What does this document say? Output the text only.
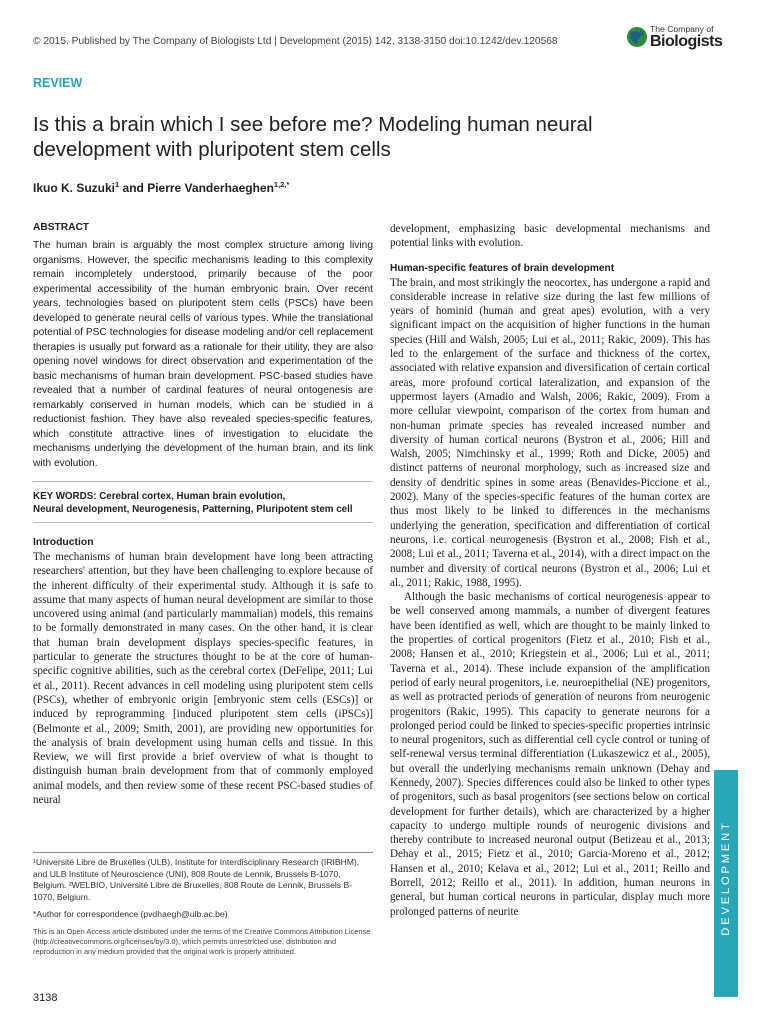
© 2015. Published by The Company of Biologists Ltd | Development (2015) 142, 3138-3150 doi:10.1242/dev.120568
The Company of
Biologists
REVIEW
Is this a brain which I see before me? Modeling human neural development with pluripotent stem cells
Ikuo K. Suzuki$^1$ and Pierre Vanderhaeghen$^{1,2,*}$
ABSTRACT

The human brain is arguably the most complex structure among living organisms. However, the specific mechanisms leading to this complexity remain incompletely understood, primarily because of the poor experimental accessibility of the human embryonic brain. Over recent years, technologies based on pluripotent stem cells (PSCs) have been developed to generate neural cells of various types. While the translational potential of PSC technologies for disease modeling and/or cell replacement therapies is usually put forward as a rationale for their utility, they are also opening novel windows for direct observation and experimentation of the basic mechanisms of human brain development. PSC-based studies have revealed that a number of cardinal features of neural ontogenesis are remarkably conserved in human models, which can be studied in a reductionist fashion. They have also revealed species-specific features, which constitute attractive lines of investigation to elucidate the mechanisms underlying the development of the human brain, and its link with evolution.

KEY WORDS: Cerebral cortex, Human brain evolution,
Neural development, Neurogenesis, Patterning, Pluripotent stem cell
Introduction

The mechanisms of human brain development have long been attracting researchers' attention, but they have been challenging to explore because of the inherent difficulty of their experimental study. Although it is safe to assume that many aspects of human neural development are similar to those uncovered using animal (and particularly mammalian) models, this remains to be formally demonstrated in many cases. On the other hand, it is clear that human brain development displays species-specific features, in particular to generate the structures thought to be at the core of human-specific cognitive abilities, such as the cerebral cortex (DeFelipe, 2011; Lui et al., 2011). Recent advances in cell modeling using pluripotent stem cells (PSCs), whether of embryonic origin [embryonic stem cells (ESCs)] or induced by reprogramming [induced pluripotent stem cells (iPSCs)] (Belmonte et al., 2009; Smith, 2001), are providing new opportunities for the analysis of brain development using human cells and tissue. In this Review, we will first provide a brief overview of what is thought to distinguish human brain development from that of commonly employed animal models, and then review some of these recent PSC-based studies of neural

development, emphasizing basic developmental mechanisms and potential links with evolution.

Human-specific features of brain development

The brain, and most strikingly the neocortex, has undergone a rapid and considerable increase in relative size during the last few millions of years of hominid (human and great apes) evolution, with a very significant impact on the acquisition of higher functions in the human species (Hill and Walsh, 2005; Lui et al., 2011; Rakic, 2009). This has led to the enlargement of the surface and thickness of the cortex, associated with relative expansion and diversification of certain cortical areas, more profound cortical lateralization, and expansion of the uppermost layers (Amadio and Walsh, 2006; Rakic, 2009). From a more cellular viewpoint, comparison of the cortex from human and non-human primate species has revealed increased number and diversity of human cortical neurons (Bystron et al., 2006; Hill and Walsh, 2005; Nimchinsky et al., 1999; Roth and Dicke, 2005) and distinct patterns of neuronal morphology, such as increased size and density of dendritic spines in some areas (Benavides-Piccione et al., 2002). Many of the species-specific features of the human cortex are thus most likely to be linked to differences in the mechanisms underlying the generation, specification and differentiation of cortical neurons, i.e. cortical neurogenesis (Bystron et al., 2008; Fish et al., 2008; Lui et al., 2011; Taverna et al., 2014), with a direct impact on the number and diversity of cortical neurons (Bystron et al., 2006; Lui et al., 2011; Rakic, 1988, 1995).

Although the basic mechanisms of cortical neurogenesis appear to be well conserved among mammals, a number of divergent features have been identified as well, which are thought to be mainly linked to the properties of cortical progenitors (Fietz et al., 2010; Fish et al., 2008; Hansen et al., 2010; Kriegstein et al., 2006; Lui et al., 2011; Taverna et al., 2014). These include expansion of the amplification period of early neural progenitors, i.e. neuroepithelial (NE) progenitors, as well as protracted periods of generation of neurons from neurogenic progenitors (Rakic, 1995). This capacity to generate neurons for a prolonged period could be linked to species-specific properties intrinsic to neural progenitors, such as differential cell cycle control or tuning of self-renewal versus terminal differentiation (Lukaszewicz et al., 2005), but overall the underlying mechanisms remain unknown (Dehay and Kennedy, 2007). Species differences could also be linked to other types of progenitors, such as basal progenitors (see sections below on cortical development for further details), which are characterized by a higher capacity to undergo multiple rounds of neurogenic divisions and thereby contribute to increased neuronal output (Betizeau et al., 2013; Dehay et al., 2015; Fietz et al., 2010; Garcia-Moreno et al., 2012; Hansen et al., 2010; Kelava et al., 2012; Lui et al., 2011; Reillo and Borrell, 2012; Reillo et al., 2011). In addition, human neurons in general, but human cortical neurons in particular, display much more prolonged patterns of neurite

¹Université Libre de Bruxelles (ULB), Institute for Interdisciplinary Research (IRIBHM), and ULB Institute of Neuroscience (UNI), 808 Route de Lennik, Brussels B-1070, Belgium. ²WELBIO, Université Libre de Bruxelles, 808 Route de Lennik, Brussels B-1070, Belgium.

*Author for correspondence (pvdhaegh@ulb.ac.be)

This is an Open Access article distributed under the terms of the Creative Commons Attribution License (http://creativecommons.org/licenses/by/3.0), which permits unrestricted use, distribution and reproduction in any medium provided that the original work is properly attributed.

3138
DEVELOPMENT
